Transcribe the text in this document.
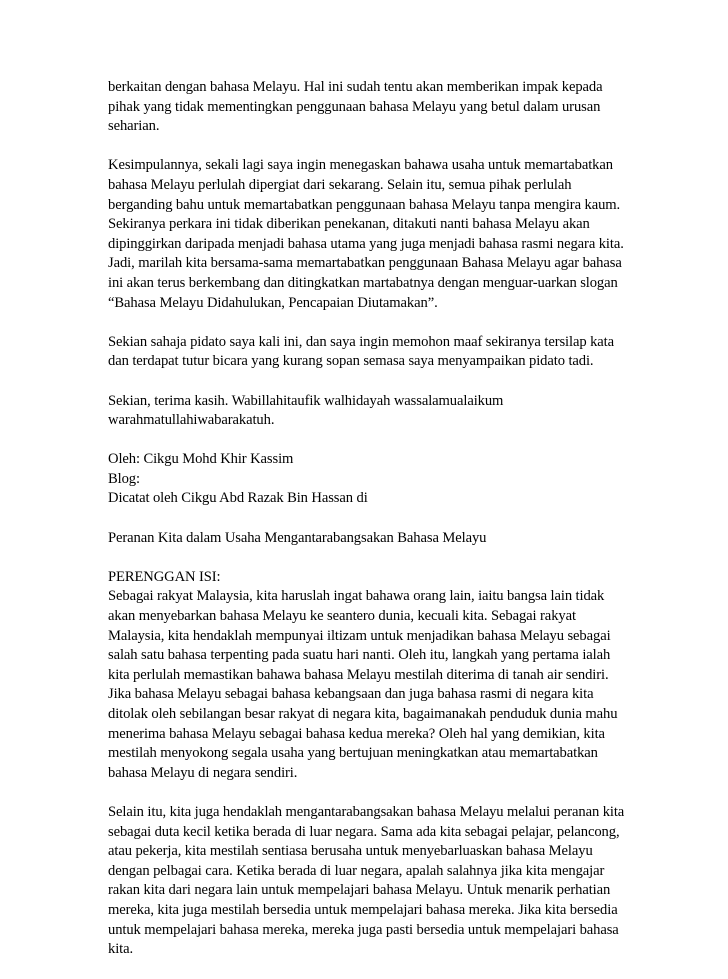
berkaitan dengan bahasa Melayu. Hal ini sudah tentu akan memberikan impak kepada
pihak yang tidak mementingkan penggunaan bahasa Melayu yang betul dalam urusan
seharian.
Kesimpulannya, sekali lagi saya ingin menegaskan bahawa usaha untuk memartabatkan
bahasa Melayu perlulah dipergiat dari sekarang. Selain itu, semua pihak perlulah
berganding bahu untuk memartabatkan penggunaan bahasa Melayu tanpa mengira kaum.
Sekiranya perkara ini tidak diberikan penekanan, ditakuti nanti bahasa Melayu akan
dipinggirkan daripada menjadi bahasa utama yang juga menjadi bahasa rasmi negara kita.
Jadi, marilah kita bersama-sama memartabatkan penggunaan Bahasa Melayu agar bahasa
ini akan terus berkembang dan ditingkatkan martabatnya dengan menguar-uarkan slogan
“Bahasa Melayu Didahulukan, Pencapaian Diutamakan”.
Sekian sahaja pidato saya kali ini, dan saya ingin memohon maaf sekiranya tersilap kata
dan terdapat tutur bicara yang kurang sopan semasa saya menyampaikan pidato tadi.
Sekian, terima kasih. Wabillahitaufik walhidayah wassalamualaikum
warahmatullahiwabarakatuh.
Oleh: Cikgu Mohd Khir Kassim
Blog:
Dicatat oleh Cikgu Abd Razak Bin Hassan di
Peranan Kita dalam Usaha Mengantarabangsakan Bahasa Melayu
PERENGGAN ISI:
Sebagai rakyat Malaysia, kita haruslah ingat bahawa orang lain, iaitu bangsa lain tidak
akan menyebarkan bahasa Melayu ke seantero dunia, kecuali kita. Sebagai rakyat
Malaysia, kita hendaklah mempunyai iltizam untuk menjadikan bahasa Melayu sebagai
salah satu bahasa terpenting pada suatu hari nanti. Oleh itu, langkah yang pertama ialah
kita perlulah memastikan bahawa bahasa Melayu mestilah diterima di tanah air sendiri.
Jika bahasa Melayu sebagai bahasa kebangsaan dan juga bahasa rasmi di negara kita
ditolak oleh sebilangan besar rakyat di negara kita, bagaimanakah penduduk dunia mahu
menerima bahasa Melayu sebagai bahasa kedua mereka? Oleh hal yang demikian, kita
mestilah menyokong segala usaha yang bertujuan meningkatkan atau memartabatkan
bahasa Melayu di negara sendiri.
Selain itu, kita juga hendaklah mengantarabangsakan bahasa Melayu melalui peranan kita
sebagai duta kecil ketika berada di luar negara. Sama ada kita sebagai pelajar, pelancong,
atau pekerja, kita mestilah sentiasa berusaha untuk menyebarluaskan bahasa Melayu
dengan pelbagai cara. Ketika berada di luar negara, apalah salahnya jika kita mengajar
rakan kita dari negara lain untuk mempelajari bahasa Melayu. Untuk menarik perhatian
mereka, kita juga mestilah bersedia untuk mempelajari bahasa mereka. Jika kita bersedia
untuk mempelajari bahasa mereka, mereka juga pasti bersedia untuk mempelajari bahasa
kita.
